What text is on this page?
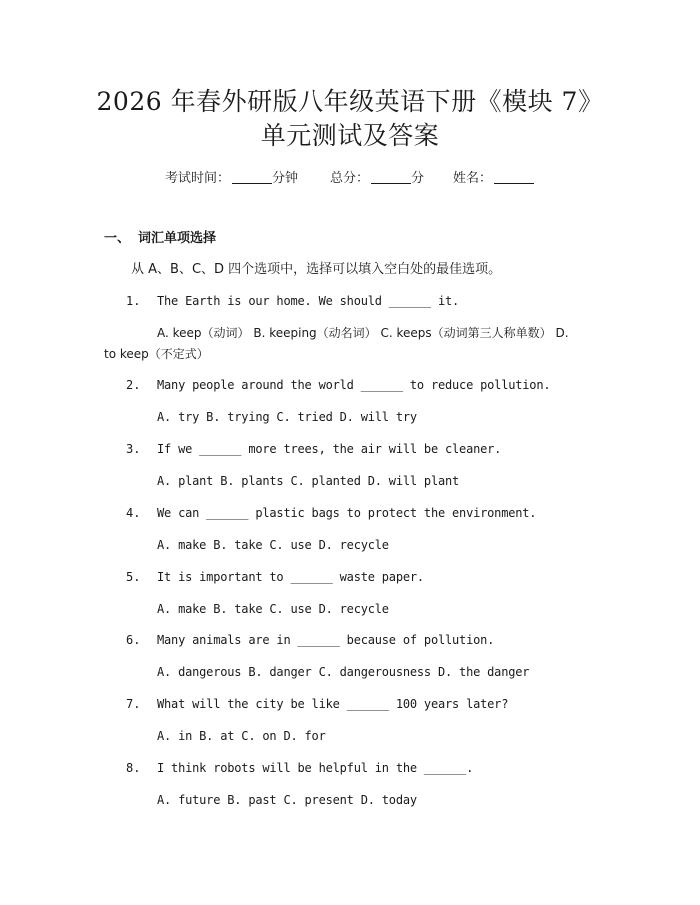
2026 年春外研版八年级英语下册《模块 7》
单元测试及答案
考试时间：	分钟 总分：	分 姓名：
一、 词汇单项选择
从 A、B、C、D 四个选项中，选择可以填入空白处的最佳选项。
1. The Earth is our home. We should ______ it.
A. keep（动词） B. keeping（动名词） C. keeps（动词第三人称单数） D.
to keep（不定式）
2. Many people around the world ______ to reduce pollution.
A. try B. trying C. tried D. will try
3. If we ______ more trees, the air will be cleaner.
A. plant B. plants C. planted D. will plant
4. We can ______ plastic bags to protect the environment.
A. make B. take C. use D. recycle
5. It is important to ______ waste paper.
A. make B. take C. use D. recycle
6. Many animals are in ______ because of pollution.
A. dangerous B. danger C. dangerousness D. the danger
7. What will the city be like ______ 100 years later?
A. in B. at C. on D. for
8. I think robots will be helpful in the ______.
A. future B. past C. present D. today
